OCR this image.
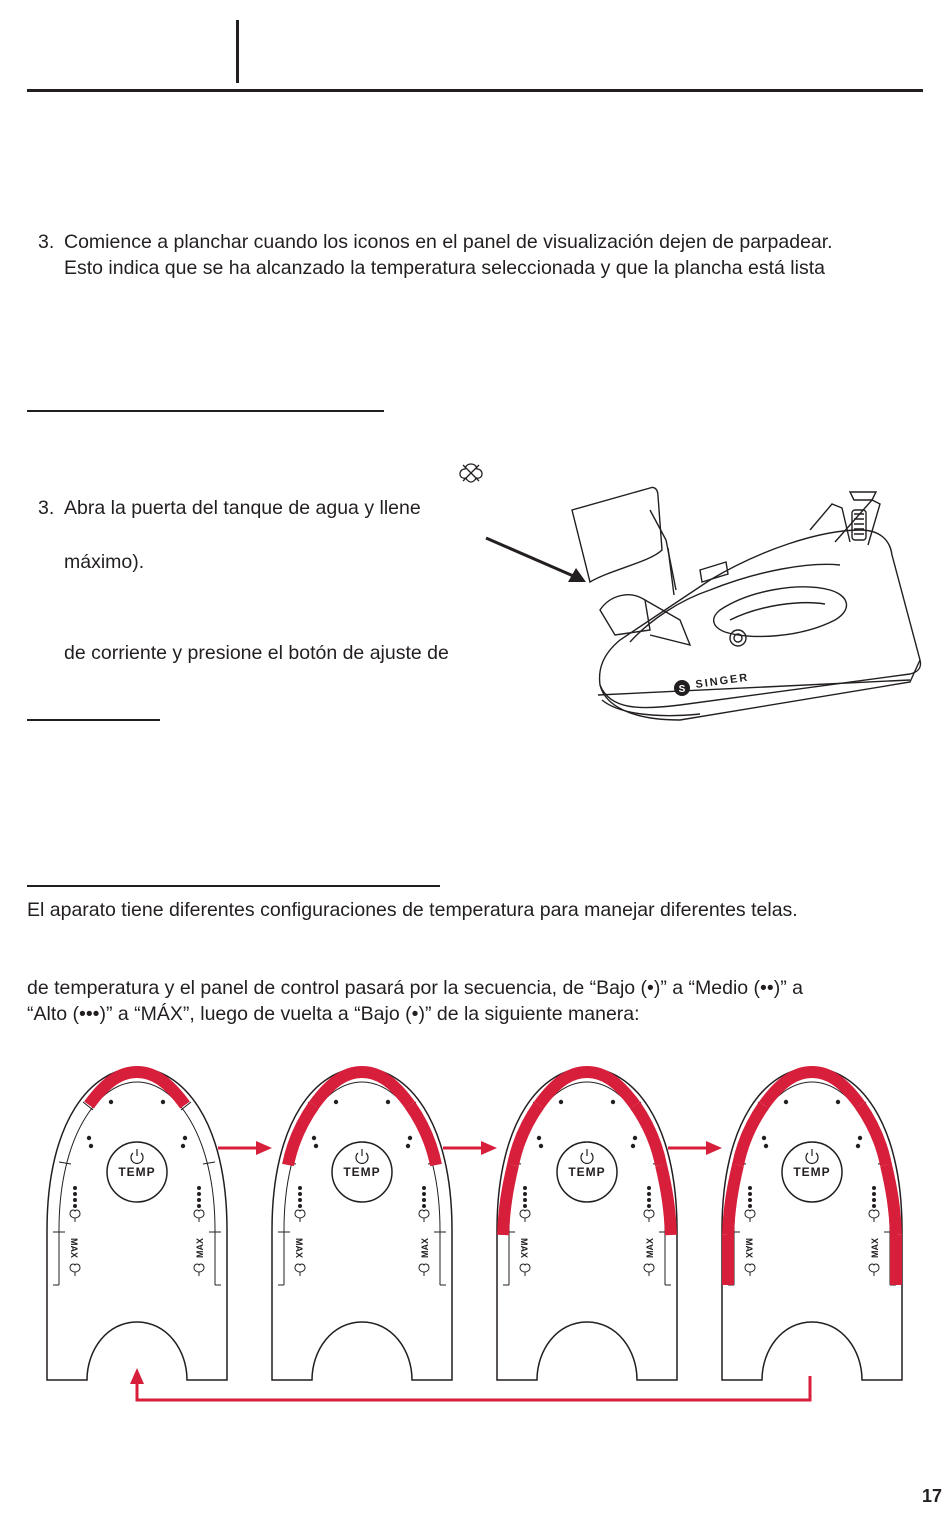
3. Comience a planchar cuando los iconos en el panel de visualización dejen de parpadear.
Esto indica que se ha alcanzado la temperatura seleccionada y que la plancha está lista
3. Abra la puerta del tanque de agua y llene
máximo).
de corriente y presione el botón de ajuste de
S SINGER
El aparato tiene diferentes configuraciones de temperatura para manejar diferentes telas.
de temperatura y el panel de control pasará por la secuencia, de “Bajo (•)” a “Medio (••)” a
“Alto (•••)” a “MÁX”, luego de vuelta a “Bajo (•)” de la siguiente manera:
MAX	MAX
TEMP
MAX	MAX
TEMP
MAX	MAX
TEMP
MAX	MAX
TEMP
17
